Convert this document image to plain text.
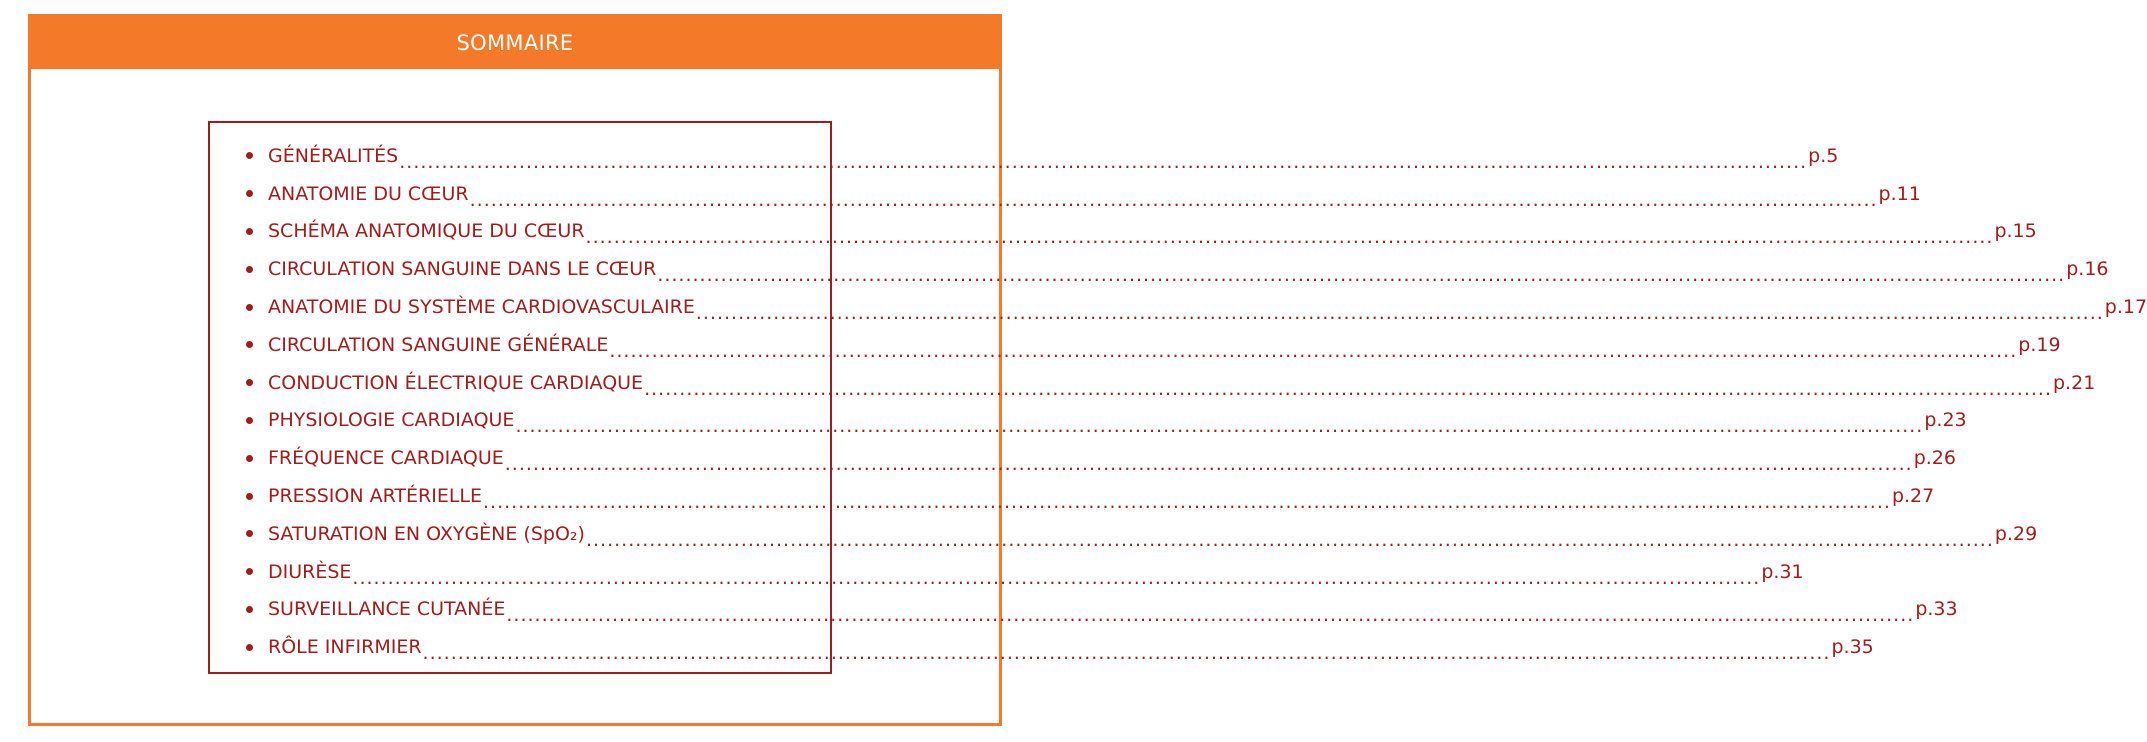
SOMMAIRE
GÉNÉRALITÉS ........................................................................................................................................................................................................ p.5
ANATOMIE DU CŒUR ........................................................................................................................................................................................................ p.11
SCHÉMA ANATOMIQUE DU CŒUR ........................................................................................................................................................................................................ p.15
CIRCULATION SANGUINE DANS LE CŒUR ........................................................................................................................................................................................................ p.16
ANATOMIE DU SYSTÈME CARDIOVASCULAIRE ........................................................................................................................................................................................................ p.17
CIRCULATION SANGUINE GÉNÉRALE ........................................................................................................................................................................................................ p.19
CONDUCTION ÉLECTRIQUE CARDIAQUE ........................................................................................................................................................................................................ p.21
PHYSIOLOGIE CARDIAQUE ........................................................................................................................................................................................................ p.23
FRÉQUENCE CARDIAQUE ........................................................................................................................................................................................................ p.26
PRESSION ARTÉRIELLE ........................................................................................................................................................................................................ p.27
SATURATION EN OXYGÈNE (SpO₂) ........................................................................................................................................................................................................ p.29
DIURÈSE ........................................................................................................................................................................................................ p.31
SURVEILLANCE CUTANÉE ........................................................................................................................................................................................................ p.33
RÔLE INFIRMIER ........................................................................................................................................................................................................ p.35
